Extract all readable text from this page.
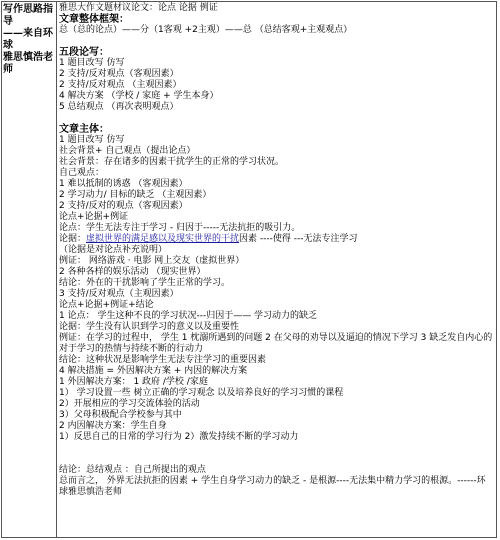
写作思路指
导
——来自环球
雅思慎浩老
师
雅思大作文题材议论文：论点 论据 例证
文章整体框架：
总（总的论点）——分（1客观 +2主观）——总 （总结客观+主观观点）
五段论写：
1 题目改写 仿写
2 支持/反对观点（客观因素）
2 支持/反对观点 （主观因素）
4 解决方案 （学校 / 家庭 + 学生本身）
5 总结观点 （再次表明观点）
文章主体：
1 题目改写 仿写
社会背景+ 自己观点（提出论点）
社会背景：存在诸多的因素干扰学生的正常的学习状况。
自己观点：
1 难以抵制的诱惑 （客观因素）
2 学习动力/ 目标的缺乏 （主观因素）
2 支持/反对的观点（客观因素）
论点+论据+例证
论点：学生无法专注于学习 - 归因于-----无法抗拒的吸引力。
论据：虚拟世界的满足感以及现实世界的干扰因素 ----使得 ---无法专注学习
（论据是对论点补充说明）
例证： 网络游戏 · 电影 网上交友（虚拟世界）
2 各种各样的娱乐活动 （现实世界）
结论：外在的干扰影响了学生正常的学习。
3 支持/反对观点（主观因素）
论点+论据+例证+结论
1 论点： 学生这种不良的学习状况---归因于—— 学习动力的缺乏
论据：学生没有认识到学习的意义以及重要性
例证：在学习的过程中， 学生 1 枕溺所遇到的问题 2 在父母的劝导以及逼迫的情况下学习 3 缺乏发自内心的对于学习的热情与持续不断的行动力
结论：这种状况是影响学生无法专注学习的重要因素
4 解决措施 = 外因解决方案 + 内因的解决方案
1 外因解决方案： 1 政府 /学校 /家庭
1） 学习设置一些 树立正确的学习观念 以及培养良好的学习习惯的课程
2）开展相应的学习交流体验的活动
3）父母积极配合学校参与其中
2 内因解决方案：学生自身
1）反思自己的日常的学习行为 2）激发持续不断的学习动力
结论：总结观点 ：自己所提出的观点
总而言之， 外界无法抗拒的因素 + 学生自身学习动力的缺乏 - 是根源----无法集中精力学习的根源。------环球雅思慎浩老师
